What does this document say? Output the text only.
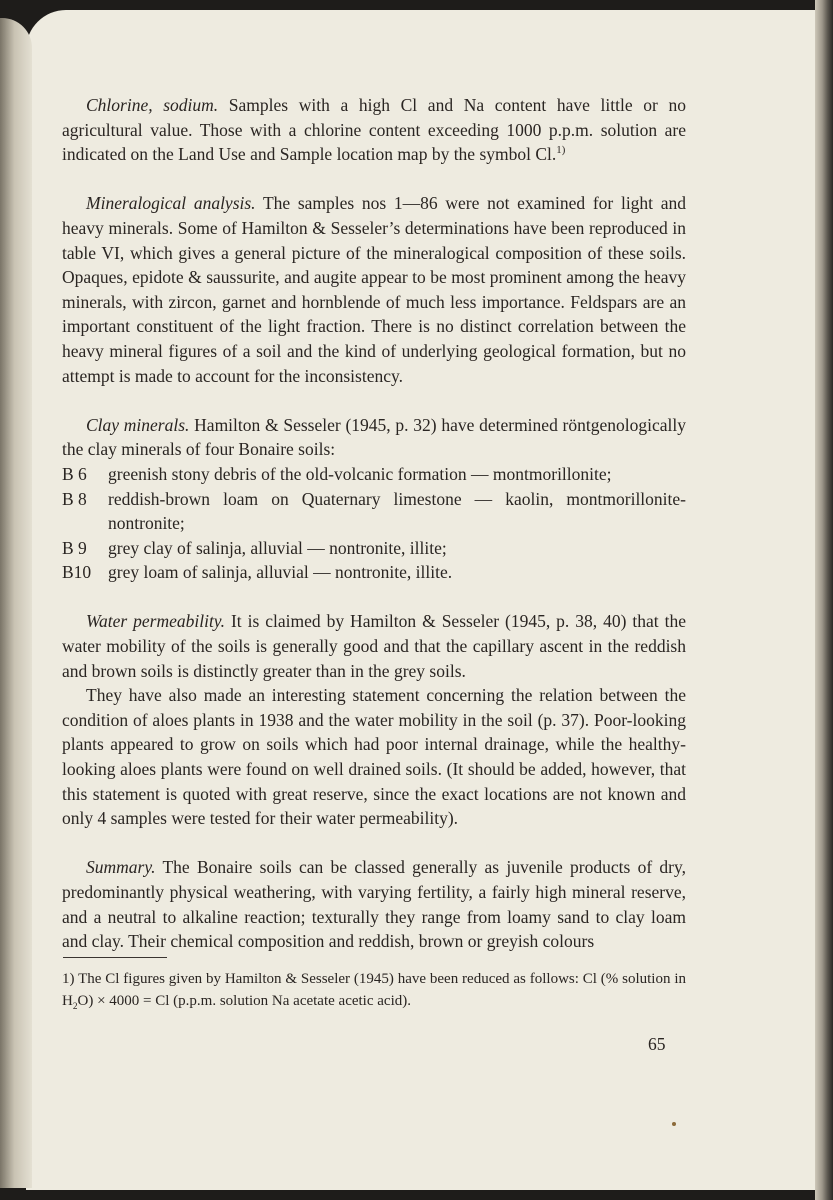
Chlorine, sodium. Samples with a high Cl and Na content have little or no agricultural value. Those with a chlorine content exceeding 1000 p.p.m. solution are indicated on the Land Use and Sample location map by the symbol Cl.$^{1)}$

Mineralogical analysis. The samples nos 1—86 were not examined for light and heavy minerals. Some of Hamilton & Sesseler’s determinations have been reproduced in table VI, which gives a general picture of the mineralogical composition of these soils. Opaques, epidote & saussurite, and augite appear to be most prominent among the heavy minerals, with zircon, garnet and hornblende of much less importance. Feldspars are an important constituent of the light fraction. There is no distinct correlation between the heavy mineral figures of a soil and the kind of underlying geological formation, but no attempt is made to account for the inconsistency.

Clay minerals. Hamilton & Sesseler (1945, p. 32) have determined röntgenologically the clay minerals of four Bonaire soils:

B 6	greenish stony debris of the old-volcanic formation — montmorillonite;
B 8	reddish-brown loam on Quaternary limestone — kaolin, montmorillonite-nontronite;
B 9	grey clay of salinja, alluvial — nontronite, illite;
B10 grey loam of salinja, alluvial — nontronite, illite.

Water permeability. It is claimed by Hamilton & Sesseler (1945, p. 38, 40) that the water mobility of the soils is generally good and that the capillary ascent in the reddish and brown soils is distinctly greater than in the grey soils.

They have also made an interesting statement concerning the relation between the condition of aloes plants in 1938 and the water mobility in the soil (p. 37). Poor-looking plants appeared to grow on soils which had poor internal drainage, while the healthy-looking aloes plants were found on well drained soils. (It should be added, however, that this statement is quoted with great reserve, since the exact locations are not known and only 4 samples were tested for their water permeability).

Summary. The Bonaire soils can be classed generally as juvenile products of dry, predominantly physical weathering, with varying fertility, a fairly high mineral reserve, and a neutral to alkaline reaction; texturally they range from loamy sand to clay loam and clay. Their chemical composition and reddish, brown or greyish colours

1) The Cl figures given by Hamilton & Sesseler (1945) have been reduced as follows: Cl (% solution in $H_2O) \times 4000 = Cl$ (p.p.m. solution Na acetate acetic acid).
65
